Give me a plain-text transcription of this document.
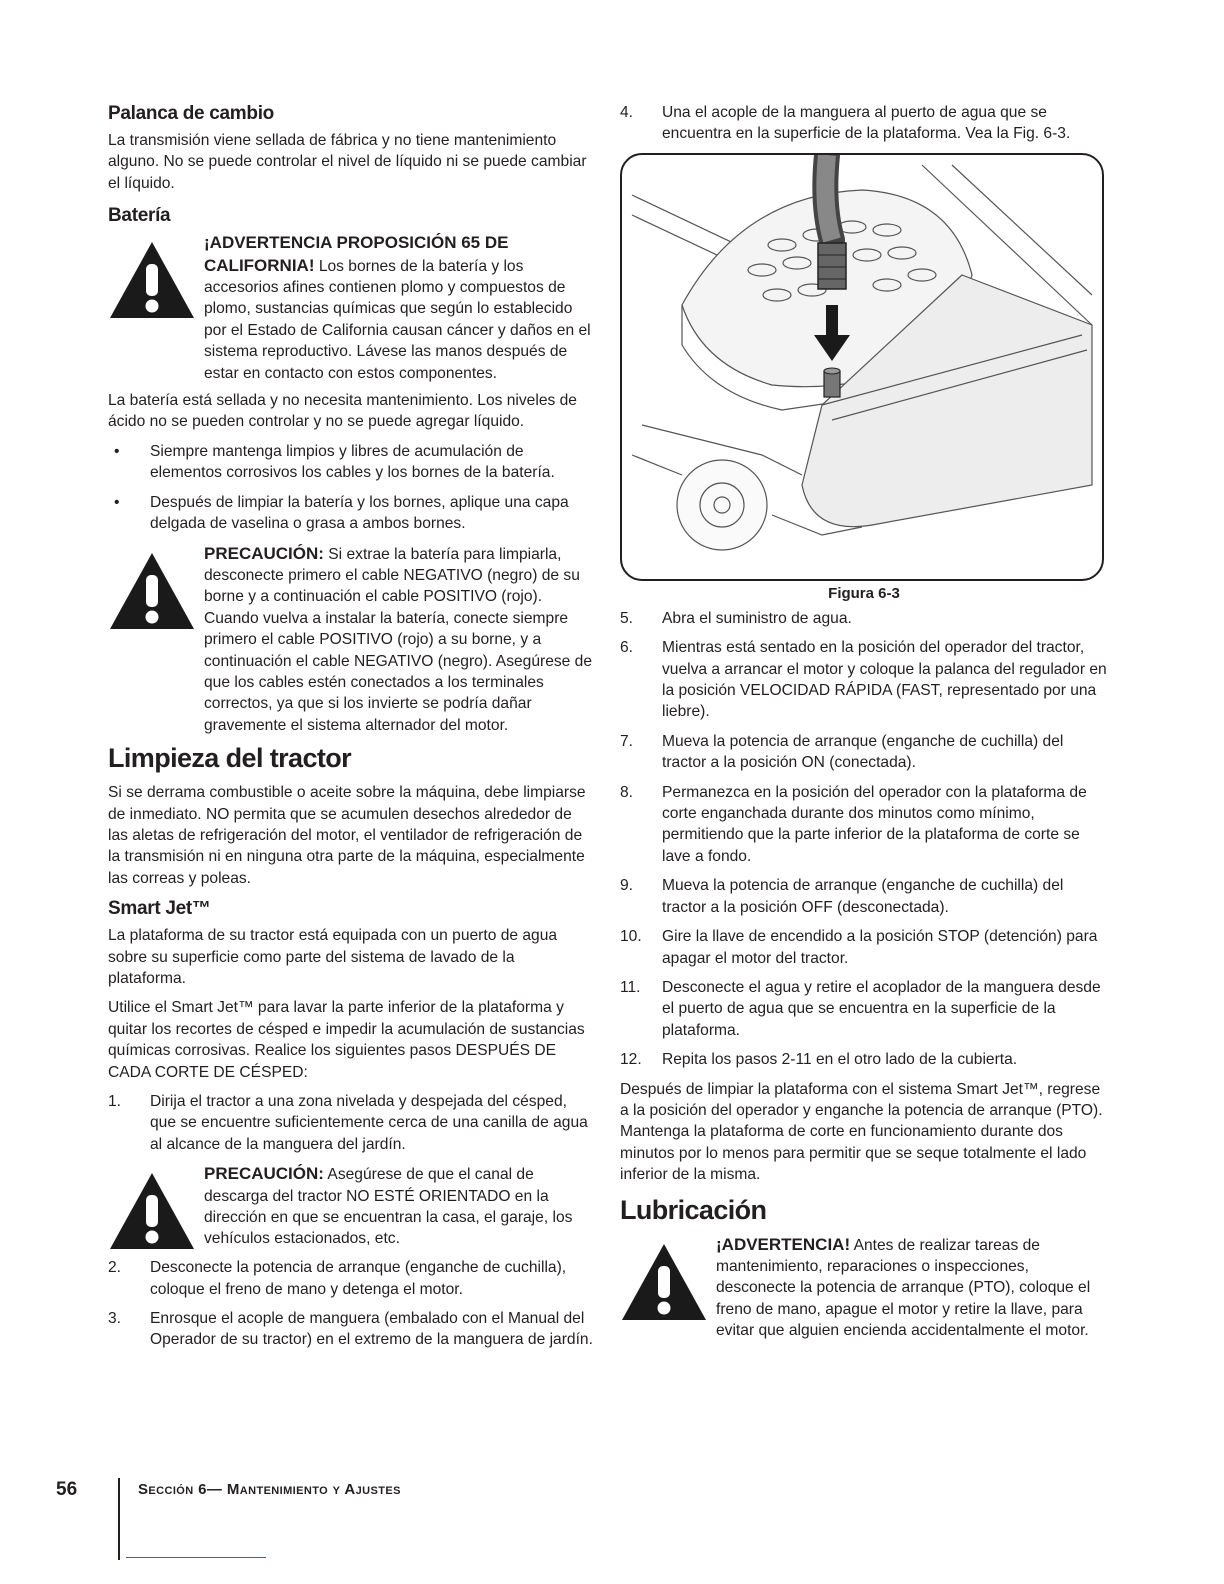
Palanca de cambio

La transmisión viene sellada de fábrica y no tiene mantenimiento alguno. No se puede controlar el nivel de líquido ni se puede cambiar el líquido.

Batería
¡ADVERTENCIA PROPOSICIÓN 65 DE CALIFORNIA! Los bornes de la batería y los accesorios afines contienen plomo y compuestos de plomo, sustancias químicas que según lo establecido por el Estado de California causan cáncer y daños en el sistema reproductivo. Lávese las manos después de estar en contacto con estos componentes.

La batería está sellada y no necesita mantenimiento. Los niveles de ácido no se pueden controlar y no se puede agregar líquido.

•	Siempre mantenga limpios y libres de acumulación de elementos corrosivos los cables y los bornes de la batería.
•	Después de limpiar la batería y los bornes, aplique una capa delgada de vaselina o grasa a ambos bornes.
PRECAUCIÓN: Si extrae la batería para limpiarla, desconecte primero el cable NEGATIVO (negro) de su borne y a continuación el cable POSITIVO (rojo). Cuando vuelva a instalar la batería, conecte siempre primero el cable POSITIVO (rojo) a su borne, y a continuación el cable NEGATIVO (negro). Asegúrese de que los cables estén conectados a los terminales correctos, ya que si los invierte se podría dañar gravemente el sistema alternador del motor.
Limpieza del tractor

Si se derrama combustible o aceite sobre la máquina, debe limpiarse de inmediato. NO permita que se acumulen desechos alrededor de las aletas de refrigeración del motor, el ventilador de refrigeración de la transmisión ni en ninguna otra parte de la máquina, especialmente las correas y poleas.

Smart Jet™

La plataforma de su tractor está equipada con un puerto de agua sobre su superficie como parte del sistema de lavado de la plataforma.

Utilice el Smart Jet™ para lavar la parte inferior de la plataforma y quitar los recortes de césped e impedir la acumulación de sustancias químicas corrosivas. Realice los siguientes pasos DESPUÉS DE CADA CORTE DE CÉSPED:

1.	Dirija el tractor a una zona nivelada y despejada del césped, que se encuentre suficientemente cerca de una canilla de agua al alcance de la manguera del jardín.
PRECAUCIÓN: Asegúrese de que el canal de descarga del tractor NO ESTÉ ORIENTADO en la dirección en que se encuentran la casa, el garaje, los vehículos estacionados, etc.
2.	Desconecte la potencia de arranque (enganche de cuchilla), coloque el freno de mano y detenga el motor.
3.	Enrosque el acople de manguera (embalado con el Manual del Operador de su tractor) en el extremo de la manguera de jardín.
4.	Una el acople de la manguera al puerto de agua que se encuentra en la superficie de la plataforma. Vea la Fig. 6-3.
Figura 6-3
5.	Abra el suministro de agua.
6.	Mientras está sentado en la posición del operador del tractor, vuelva a arrancar el motor y coloque la palanca del regulador en la posición VELOCIDAD RÁPIDA (FAST, representado por una liebre).
7.	Mueva la potencia de arranque (enganche de cuchilla) del tractor a la posición ON (conectada).
8.	Permanezca en la posición del operador con la plataforma de corte enganchada durante dos minutos como mínimo, permitiendo que la parte inferior de la plataforma de corte se lave a fondo.
9.	Mueva la potencia de arranque (enganche de cuchilla) del tractor a la posición OFF (desconectada).
10.	Gire la llave de encendido a la posición STOP (detención) para apagar el motor del tractor.
11.	Desconecte el agua y retire el acoplador de la manguera desde el puerto de agua que se encuentra en la superficie de la plataforma.
12.	Repita los pasos 2-11 en el otro lado de la cubierta.

Después de limpiar la plataforma con el sistema Smart Jet™, regrese a la posición del operador y enganche la potencia de arranque (PTO). Mantenga la plataforma de corte en funcionamiento durante dos minutos por lo menos para permitir que se seque totalmente el lado inferior de la misma.

Lubricación
¡ADVERTENCIA! Antes de realizar tareas de mantenimiento, reparaciones o inspecciones, desconecte la potencia de arranque (PTO), coloque el freno de mano, apague el motor y retire la llave, para evitar que alguien encienda accidentalmente el motor.
56	Sección 6— Mantenimiento y Ajustes
